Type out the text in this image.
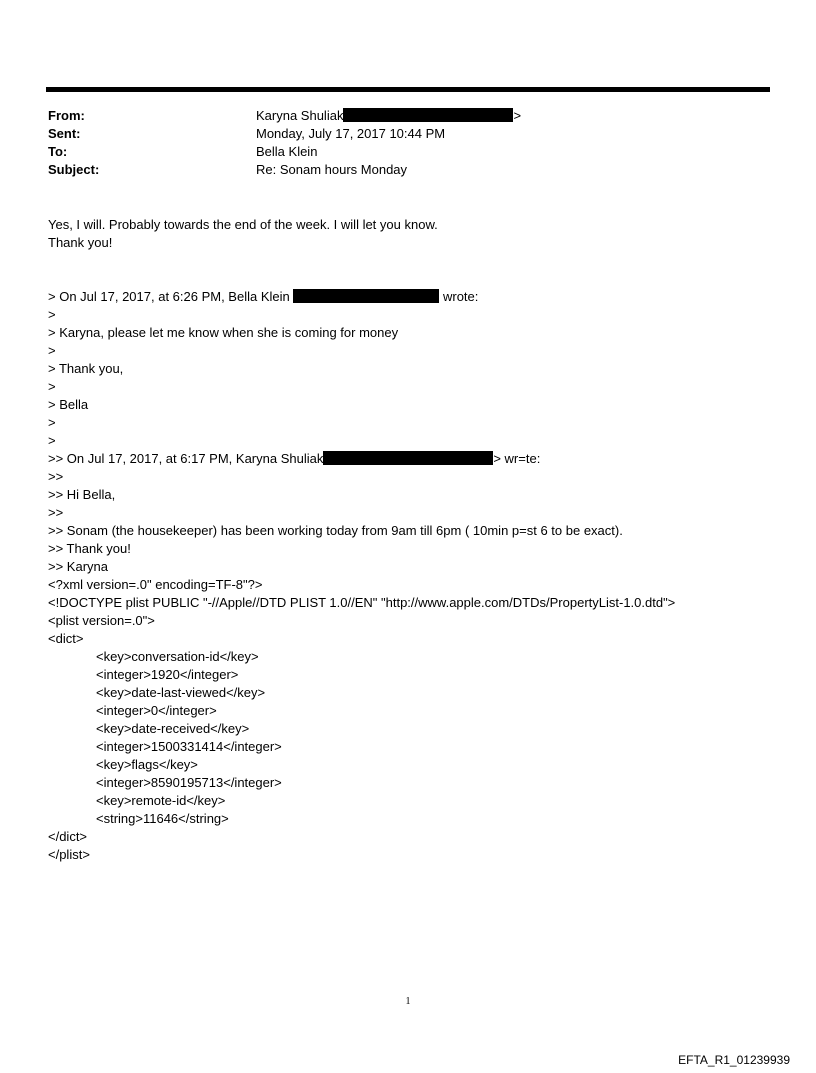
From:	Karyna Shuliak	>
Sent:	Monday, July 17, 2017 10:44 PM
To:	Bella Klein
Subject:	Re: Sonam hours Monday
Yes, I will. Probably towards the end of the week. I will let you know.
Thank you!
> On Jul 17, 2017, at 6:26 PM, Bella Klein	wrote:
>
> Karyna, please let me know when she is coming for money
>
> Thank you,
>
> Bella
>
>
>> On Jul 17, 2017, at 6:17 PM, Karyna Shuliak	> wr=te:
>>
>> Hi Bella,
>>
>> Sonam (the housekeeper) has been working today from 9am till 6pm ( 10min p=st 6 to be exact).
>> Thank you!
>> Karyna
<?xml version=.0" encoding=TF-8"?>
<!DOCTYPE plist PUBLIC "-//Apple//DTD PLIST 1.0//EN" "http://www.apple.com/DTDs/PropertyList-1.0.dtd">
<plist version=.0">
<dict>
<key>conversation-id</key>
<integer>1920</integer>
<key>date-last-viewed</key>
<integer>0</integer>
<key>date-received</key>
<integer>1500331414</integer>
<key>flags</key>
<integer>8590195713</integer>
<key>remote-id</key>
<string>11646</string>
</dict>
</plist>
1
EFTA_R1_01239939
